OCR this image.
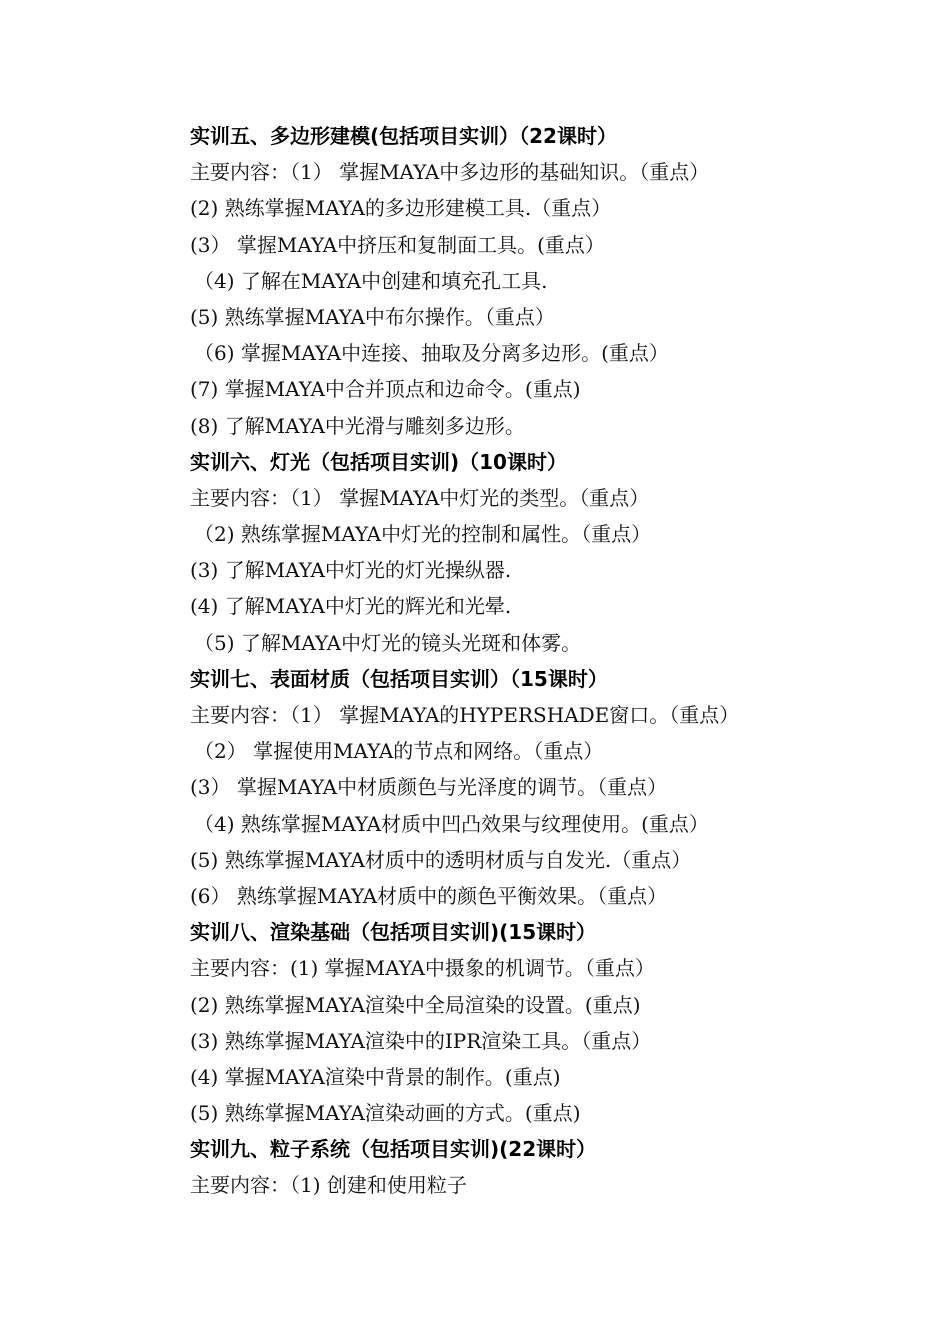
实训五、多边形建模(包括项目实训）（22课时）
主要内容：（1） 掌握MAYA中多边形的基础知识。（重点）
(2) 熟练掌握MAYA的多边形建模工具.（重点）
(3） 掌握MAYA中挤压和复制面工具。(重点）
（4) 了解在MAYA中创建和填充孔工具.
(5) 熟练掌握MAYA中布尔操作。（重点）
（6) 掌握MAYA中连接、抽取及分离多边形。(重点）
(7) 掌握MAYA中合并顶点和边命令。(重点)
(8) 了解MAYA中光滑与雕刻多边形。
实训六、灯光（包括项目实训)（10课时）
主要内容：（1） 掌握MAYA中灯光的类型。（重点）
（2) 熟练掌握MAYA中灯光的控制和属性。（重点）
(3) 了解MAYA中灯光的灯光操纵器.
(4) 了解MAYA中灯光的辉光和光晕.
（5) 了解MAYA中灯光的镜头光斑和体雾。
实训七、表面材质（包括项目实训）（15课时）
主要内容：（1） 掌握MAYA的HYPERSHADE窗口。（重点）
（2） 掌握使用MAYA的节点和网络。（重点）
(3） 掌握MAYA中材质颜色与光泽度的调节。（重点）
（4) 熟练掌握MAYA材质中凹凸效果与纹理使用。(重点）
(5) 熟练掌握MAYA材质中的透明材质与自发光.（重点）
(6） 熟练掌握MAYA材质中的颜色平衡效果。（重点）
实训八、渲染基础（包括项目实训)(15课时）
主要内容：(1) 掌握MAYA中摄象的机调节。（重点）
(2) 熟练掌握MAYA渲染中全局渲染的设置。(重点)
(3) 熟练掌握MAYA渲染中的IPR渲染工具。（重点）
(4) 掌握MAYA渲染中背景的制作。(重点)
(5) 熟练掌握MAYA渲染动画的方式。(重点)
实训九、粒子系统（包括项目实训)(22课时）
主要内容：（1) 创建和使用粒子
